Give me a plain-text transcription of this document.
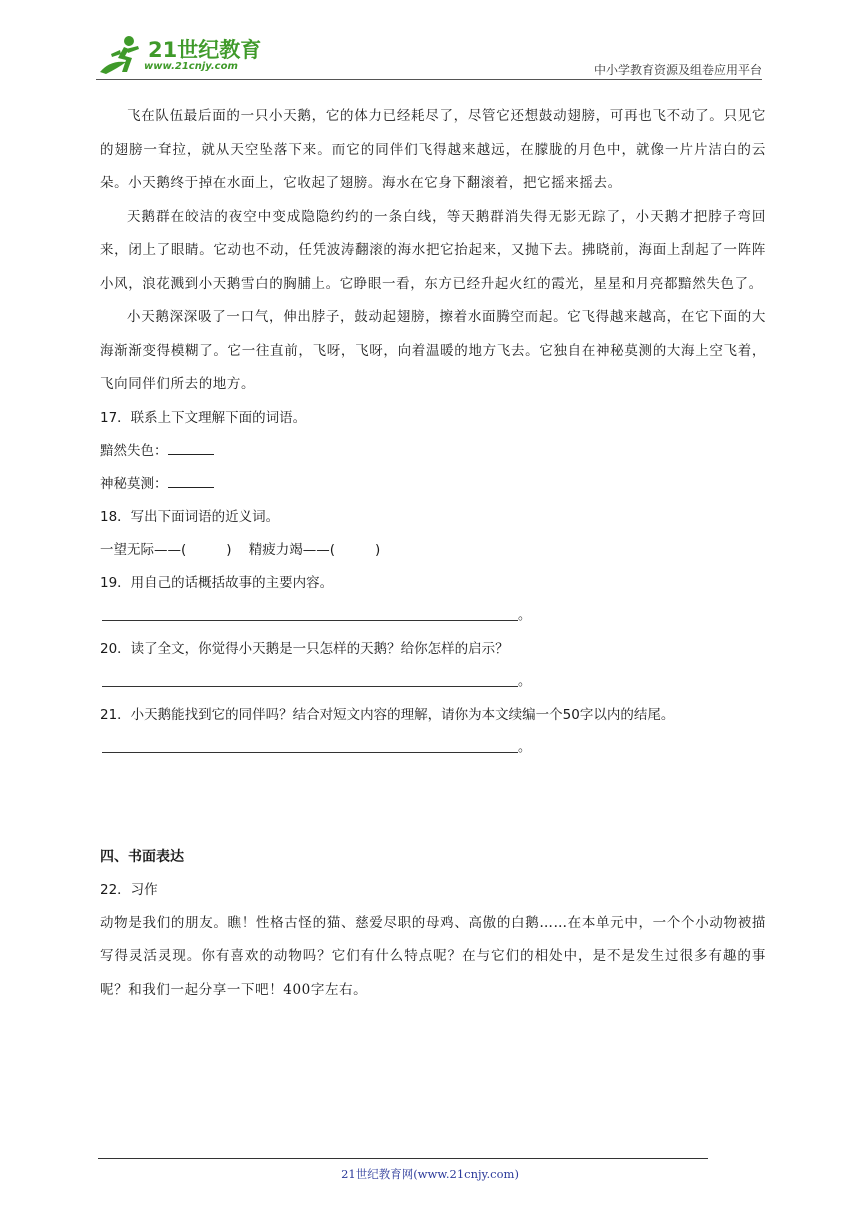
21世纪教育
www.21cnjy.com	中小学教育资源及组卷应用平台

飞在队伍最后面的一只小天鹅，它的体力已经耗尽了，尽管它还想鼓动翅膀，可再也飞不动了。只见它的翅膀一耷拉，就从天空坠落下来。而它的同伴们飞得越来越远，在朦胧的月色中，就像一片片洁白的云朵。小天鹅终于掉在水面上，它收起了翅膀。海水在它身下翻滚着，把它摇来摇去。

天鹅群在皎洁的夜空中变成隐隐约约的一条白线，等天鹅群消失得无影无踪了，小天鹅才把脖子弯回来，闭上了眼睛。它动也不动，任凭波涛翻滚的海水把它抬起来，又抛下去。拂晓前，海面上刮起了一阵阵小风，浪花溅到小天鹅雪白的胸脯上。它睁眼一看，东方已经升起火红的霞光，星星和月亮都黯然失色了。

小天鹅深深吸了一口气，伸出脖子，鼓动起翅膀，擦着水面腾空而起。它飞得越来越高，在它下面的大海渐渐变得模糊了。它一往直前，飞呀，飞呀，向着温暖的地方飞去。它独自在神秘莫测的大海上空飞着，飞向同伴们所去的地方。

17．联系上下文理解下面的词语。

黯然失色：

神秘莫测：

18．写出下面词语的近义词。

一望无际——(	) 精疲力竭——(	)

19．用自己的话概括故事的主要内容。

。

20．读了全文，你觉得小天鹅是一只怎样的天鹅？给你怎样的启示？

。

21．小天鹅能找到它的同伴吗？结合对短文内容的理解，请你为本文续编一个50字以内的结尾。

。

四、书面表达

22．习作

动物是我们的朋友。瞧！性格古怪的猫、慈爱尽职的母鸡、高傲的白鹅……在本单元中，一个个小动物被描写得灵活灵现。你有喜欢的动物吗？它们有什么特点呢？在与它们的相处中，是不是发生过很多有趣的事呢？和我们一起分享一下吧！400字左右。

21世纪教育网(www.21cnjy.com)
